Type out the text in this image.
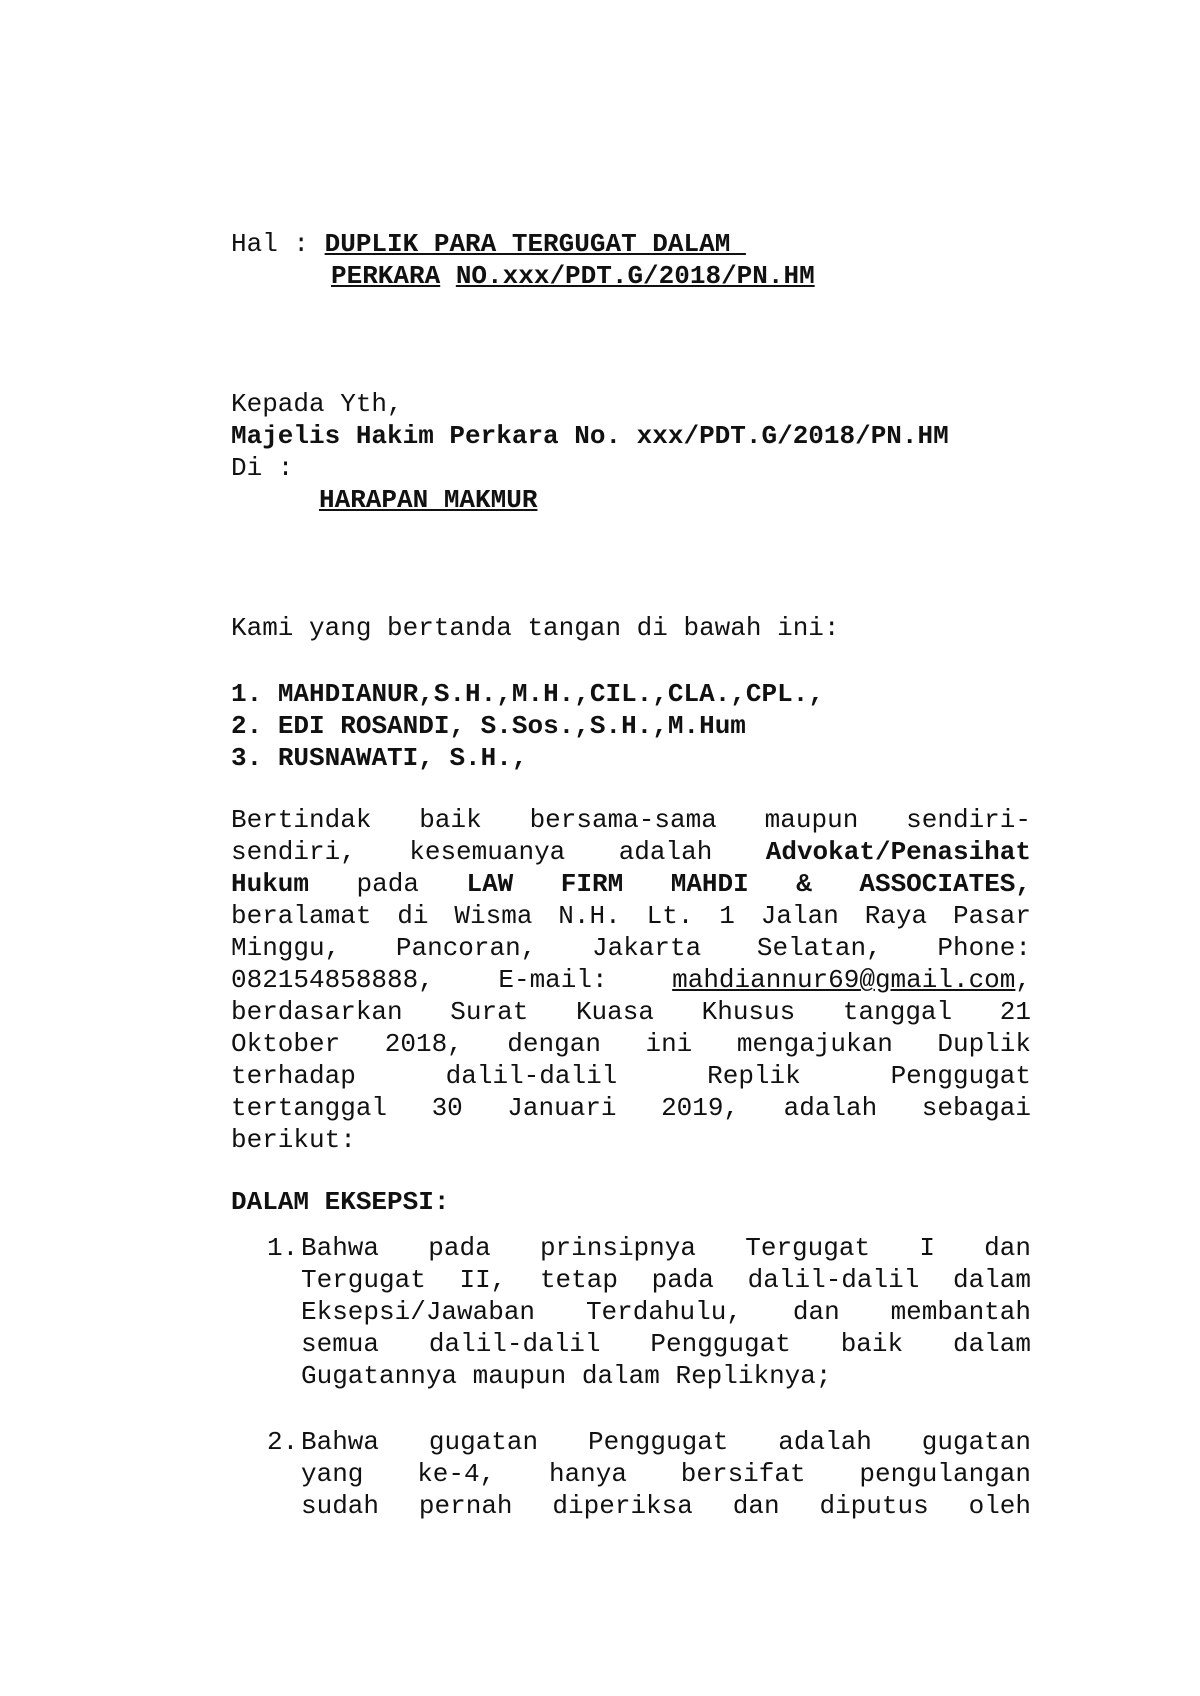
Hal : DUPLIK PARA TERGUGAT DALAM
PERKARA NO.xxx/PDT.G/2018/PN.HM
Kepada Yth,
Majelis Hakim Perkara No. xxx/PDT.G/2018/PN.HM
Di :
HARAPAN MAKMUR
Kami yang bertanda tangan di bawah ini:
1. MAHDIANUR,S.H.,M.H.,CIL.,CLA.,CPL.,
2. EDI ROSANDI, S.Sos.,S.H.,M.Hum
3. RUSNAWATI, S.H.,
Bertindak baik bersama-sama maupun sendiri-
sendiri, kesemuanya adalah Advokat/Penasihat
Hukum pada LAW FIRM MAHDI & ASSOCIATES,
beralamat di Wisma N.H. Lt. 1 Jalan Raya Pasar
Minggu, Pancoran, Jakarta Selatan, Phone:
082154858888, E-mail: mahdiannur69@gmail.com,
berdasarkan Surat Kuasa Khusus tanggal 21
Oktober 2018, dengan ini mengajukan Duplik
terhadap dalil-dalil Replik Penggugat
tertanggal 30 Januari 2019, adalah sebagai
berikut:
DALAM EKSEPSI:
1. Bahwa pada prinsipnya Tergugat I dan
Tergugat II, tetap pada dalil-dalil dalam
Eksepsi/Jawaban Terdahulu, dan membantah
semua dalil-dalil Penggugat baik dalam
Gugatannya maupun dalam Repliknya;
2. Bahwa gugatan Penggugat adalah gugatan
yang ke-4, hanya bersifat pengulangan
sudah pernah diperiksa dan diputus oleh
